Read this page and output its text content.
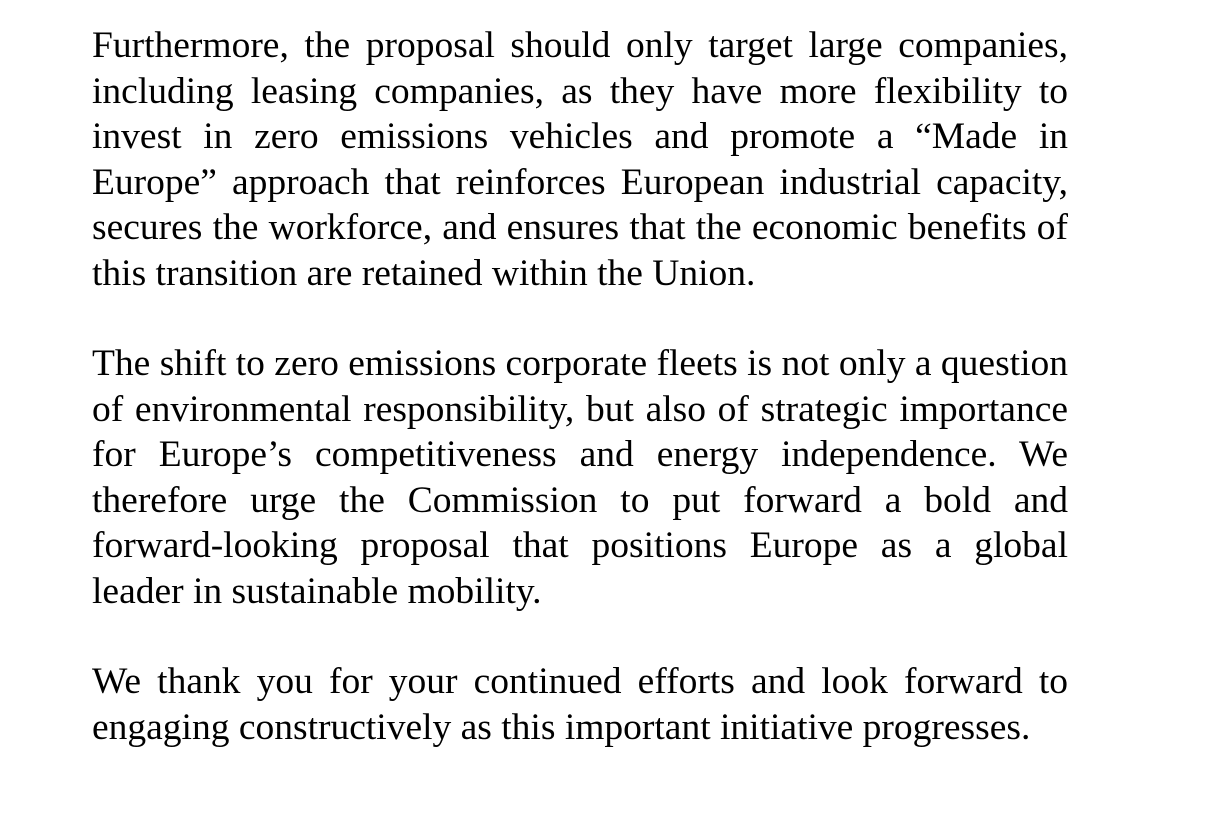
Furthermore, the proposal should only target large companies, including leasing companies, as they have more flexibility to invest in zero emissions vehicles and promote a “Made in Europe” approach that reinforces European industrial capacity, secures the workforce, and ensures that the economic benefits of this transition are retained within the Union.

The shift to zero emissions corporate fleets is not only a question of environmental responsibility, but also of strategic importance for Europe’s competitiveness and energy independence. We therefore urge the Commission to put forward a bold and forward-looking proposal that positions Europe as a global leader in sustainable mobility.

We thank you for your continued efforts and look forward to engaging constructively as this important initiative progresses.
